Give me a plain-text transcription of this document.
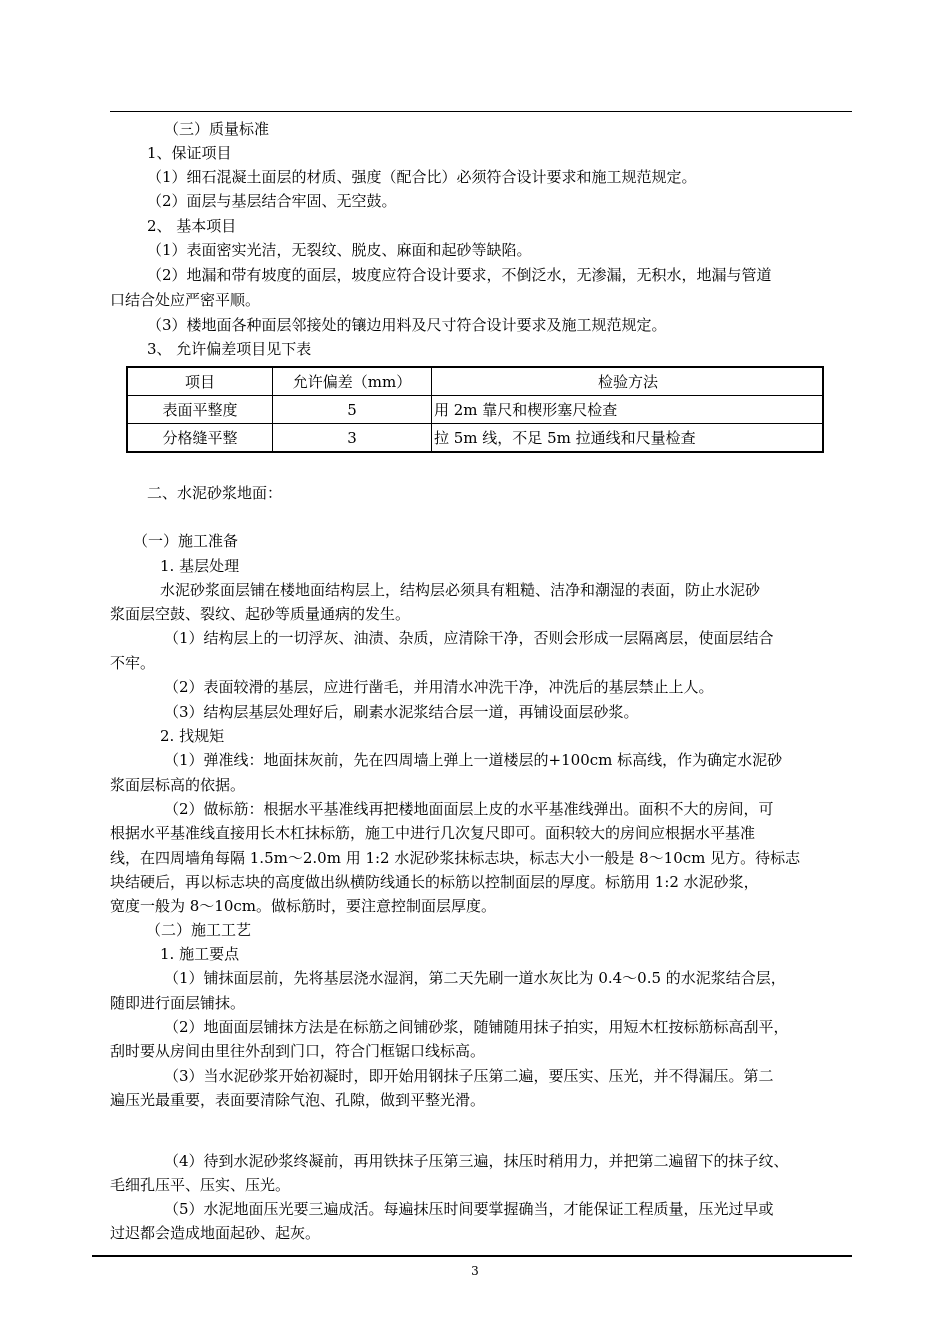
（三）质量标准
1、保证项目
（1）细石混凝土面层的材质、强度（配合比）必须符合设计要求和施工规范规定。
（2）面层与基层结合牢固、无空鼓。
2、 基本项目
（1）表面密实光洁，无裂纹、脱皮、麻面和起砂等缺陷。
（2）地漏和带有坡度的面层，坡度应符合设计要求，不倒泛水，无渗漏，无积水，地漏与管道
口结合处应严密平顺。
（3）楼地面各种面层邻接处的镶边用料及尺寸符合设计要求及施工规范规定。
3、 允许偏差项目见下表
二、水泥砂浆地面：
（一）施工准备
1. 基层处理
水泥砂浆面层铺在楼地面结构层上，结构层必须具有粗糙、洁净和潮湿的表面，防止水泥砂
浆面层空鼓、裂纹、起砂等质量通病的发生。
（1）结构层上的一切浮灰、油渍、杂质，应清除干净，否则会形成一层隔离层，使面层结合
不牢。
（2）表面较滑的基层，应进行凿毛，并用清水冲洗干净，冲洗后的基层禁止上人。
（3）结构层基层处理好后，刷素水泥浆结合层一道，再铺设面层砂浆。
2. 找规矩
（1）弹准线：地面抹灰前，先在四周墙上弹上一道楼层的+100cm 标高线，作为确定水泥砂
浆面层标高的依据。
（2）做标筋：根据水平基准线再把楼地面面层上皮的水平基准线弹出。面积不大的房间，可
根据水平基准线直接用长木杠抹标筋，施工中进行几次复尺即可。面积较大的房间应根据水平基准
线，在四周墙角每隔 1.5m～2.0m 用 1:2 水泥砂浆抹标志块，标志大小一般是 8～10cm 见方。待标志
块结硬后，再以标志块的高度做出纵横防线通长的标筋以控制面层的厚度。标筋用 1:2 水泥砂浆，
宽度一般为 8～10cm。做标筋时，要注意控制面层厚度。
（二）施工工艺
1. 施工要点
（1）铺抹面层前，先将基层浇水湿润，第二天先刷一道水灰比为 0.4～0.5 的水泥浆结合层，
随即进行面层铺抹。
（2）地面面层铺抹方法是在标筋之间铺砂浆，随铺随用抹子拍实，用短木杠按标筋标高刮平，
刮时要从房间由里往外刮到门口，符合门框锯口线标高。
（3）当水泥砂浆开始初凝时，即开始用钢抹子压第二遍，要压实、压光，并不得漏压。第二
遍压光最重要，表面要清除气泡、孔隙，做到平整光滑。
（4）待到水泥砂浆终凝前，再用铁抹子压第三遍，抹压时稍用力，并把第二遍留下的抹子纹、
毛细孔压平、压实、压光。
（5）水泥地面压光要三遍成活。每遍抹压时间要掌握确当，才能保证工程质量，压光过早或
过迟都会造成地面起砂、起灰。
项目	允许偏差（mm）	检验方法
表面平整度	5	用 2m 靠尺和楔形塞尺检查
分格缝平整	3	拉 5m 线，不足 5m 拉通线和尺量检查
3
